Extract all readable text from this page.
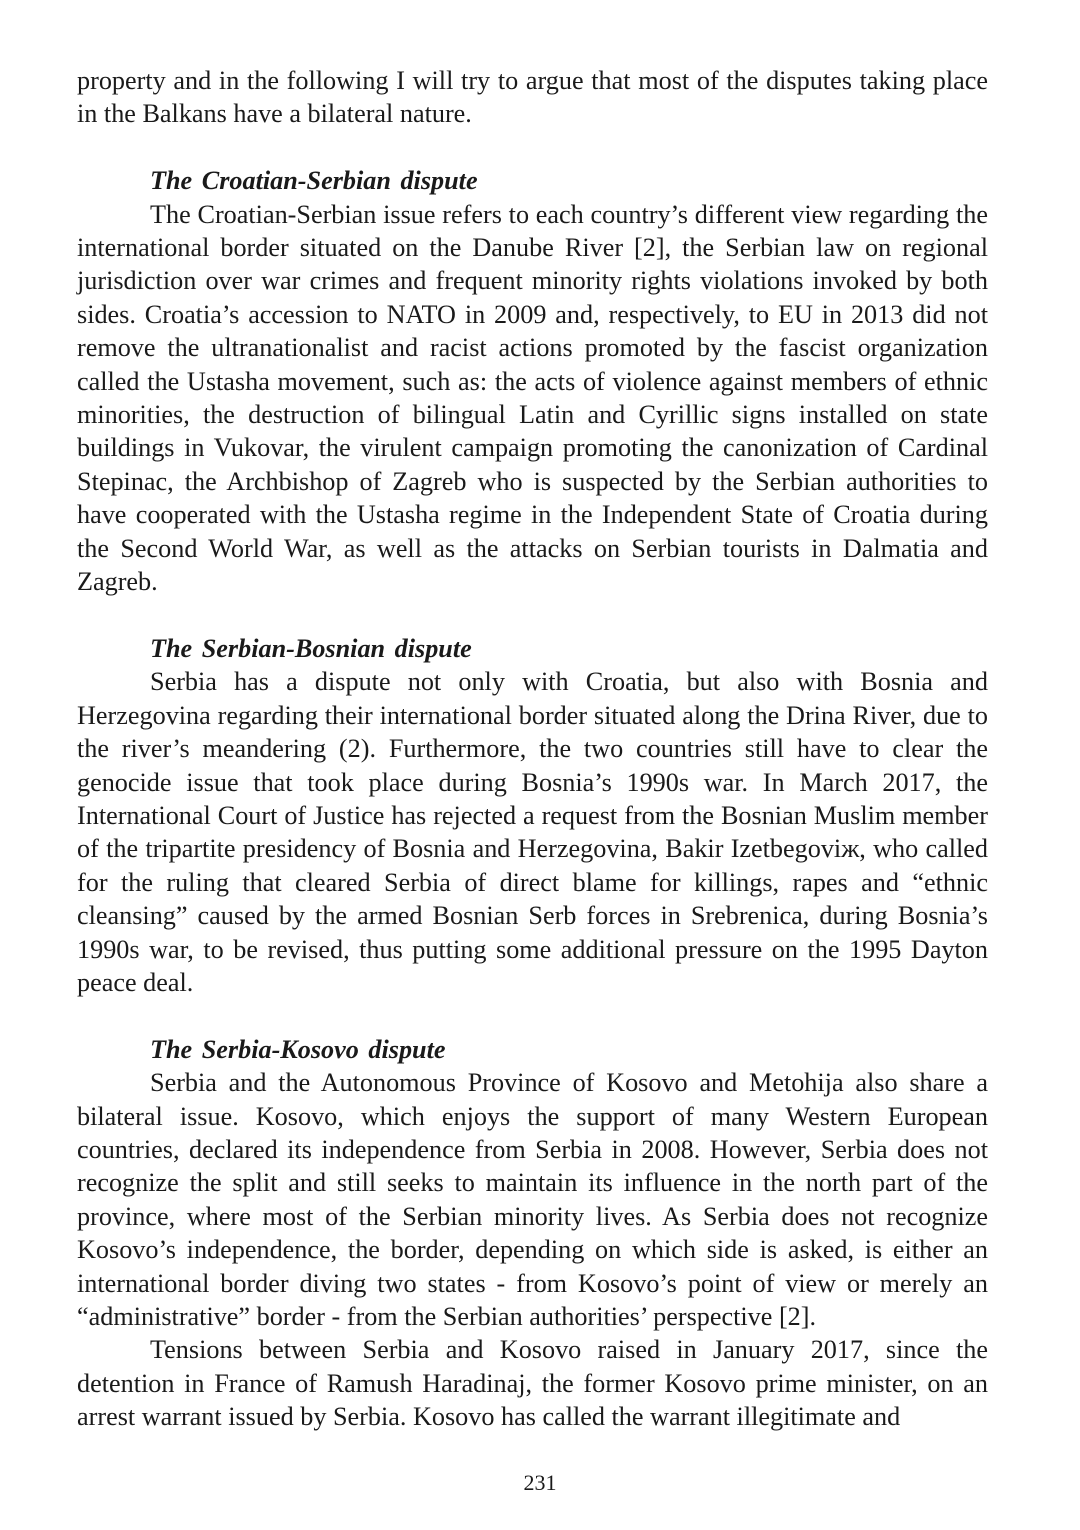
property and in the following I will try to argue that most of the disputes taking place in the Balkans have a bilateral nature.

The Croatian-Serbian dispute

The Croatian-Serbian issue refers to each country’s different view regarding the international border situated on the Danube River [2], the Serbian law on regional jurisdiction over war crimes and frequent minority rights violations invoked by both sides. Croatia’s accession to NATO in 2009 and, respectively, to EU in 2013 did not remove the ultranationalist and racist actions promoted by the fascist organization called the Ustasha movement, such as: the acts of violence against members of ethnic minorities, the destruction of bilingual Latin and Cyrillic signs installed on state buildings in Vukovar, the virulent campaign promoting the canonization of Cardinal Stepinac, the Archbishop of Zagreb who is suspected by the Serbian authorities to have cooperated with the Ustasha regime in the Independent State of Croatia during the Second World War, as well as the attacks on Serbian tourists in Dalmatia and Zagreb.

The Serbian-Bosnian dispute

Serbia has a dispute not only with Croatia, but also with Bosnia and Herzegovina regarding their international border situated along the Drina River, due to the river’s meandering (2). Furthermore, the two countries still have to clear the genocide issue that took place during Bosnia’s 1990s war. In March 2017, the International Court of Justice has rejected a request from the Bosnian Muslim member of the tripartite presidency of Bosnia and Herzegovina, Bakir Izetbegoviж, who called for the ruling that cleared Serbia of direct blame for killings, rapes and “ethnic cleansing” caused by the armed Bosnian Serb forces in Srebrenica, during Bosnia’s 1990s war, to be revised, thus putting some additional pressure on the 1995 Dayton peace deal.

The Serbia-Kosovo dispute

Serbia and the Autonomous Province of Kosovo and Metohija also share a bilateral issue. Kosovo, which enjoys the support of many Western European countries, declared its independence from Serbia in 2008. However, Serbia does not recognize the split and still seeks to maintain its influence in the north part of the province, where most of the Serbian minority lives. As Serbia does not recognize Kosovo’s independence, the border, depending on which side is asked, is either an international border diving two states - from Kosovo’s point of view or merely an “administrative” border - from the Serbian authorities’ perspective [2].

Tensions between Serbia and Kosovo raised in January 2017, since the detention in France of Ramush Haradinaj, the former Kosovo prime minister, on an arrest warrant issued by Serbia. Kosovo has called the warrant illegitimate and

231
